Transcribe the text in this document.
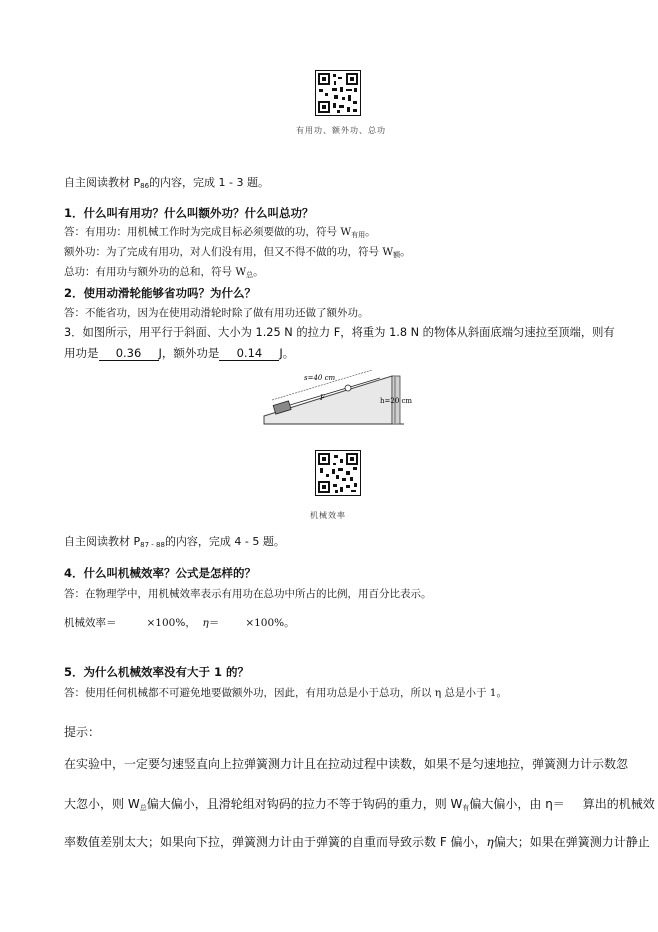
有用功、额外功、总功
自主阅读教材 $P_{86}$的内容，完成 1 - 3 题。
1．什么叫有用功？什么叫额外功？什么叫总功？
答：有用功：用机械工作时为完成目标必须要做的功，符号 $W_{有用}$。
额外功：为了完成有用功，对人们没有用，但又不得不做的功，符号 $W_额$。
总功：有用功与额外功的总和，符号 $W_总$。
2．使用动滑轮能够省功吗？为什么？
答：不能省功，因为在使用动滑轮时除了做有用功还做了额外功。
3．如图所示，用平行于斜面、大小为 1.25 N 的拉力 F，将重为 1.8 N 的物体从斜面底端匀速拉至顶端，则有
用功是 0.36 J，额外功是 0.14 J。
s=40 cm
F	h=20 cm
机械效率
自主阅读教材 $P_{87 - 88}$的内容，完成 4 - 5 题。
4．什么叫机械效率？公式是怎样的？
答：在物理学中，用机械效率表示有用功在总功中所占的比例，用百分比表示。
机械效率＝	×100%， η＝ ×100%。
5．为什么机械效率没有大于 1 的？
答：使用任何机械都不可避免地要做额外功，因此，有用功总是小于总功，所以 η 总是小于 1。
提示：
在实验中，一定要匀速竖直向上拉弹簧测力计且在拉动过程中读数，如果不是匀速地拉，弹簧测力计示数忽
大忽小，则 $W_总$偏大偏小，且滑轮组对钩码的拉力不等于钩码的重力，则 $W_有$偏大偏小，由 η＝ 算出的机械效
率数值差别太大；如果向下拉，弹簧测力计由于弹簧的自重而导致示数 F 偏小，η偏大；如果在弹簧测力计静止
